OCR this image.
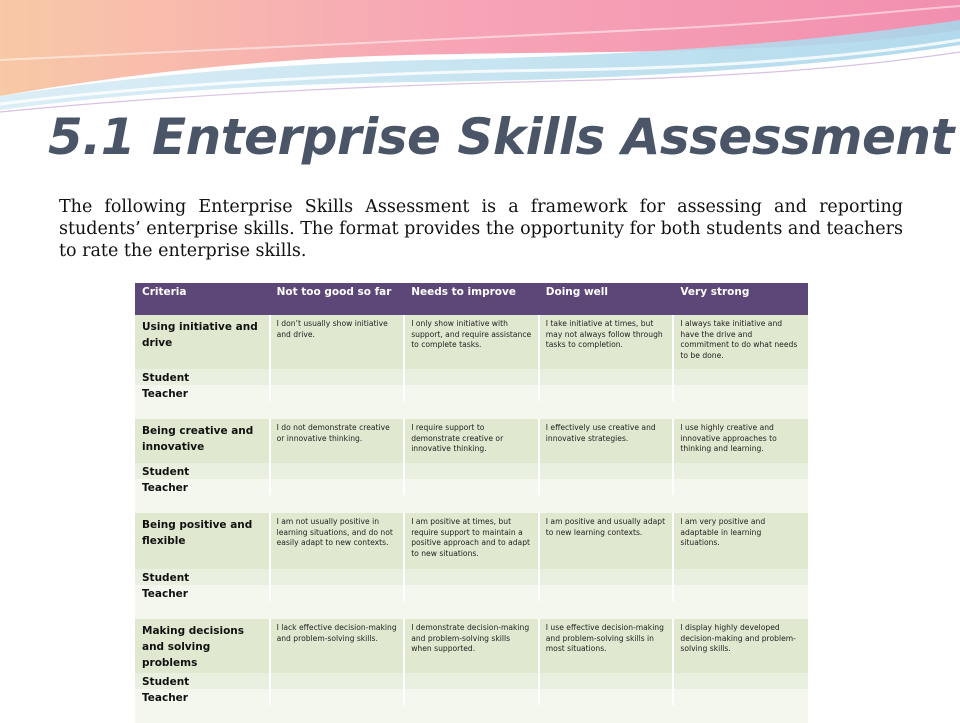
5.1 Enterprise Skills Assessment

The following Enterprise Skills Assessment is a framework for assessing and reporting students’ enterprise skills. The format provides the opportunity for both students and teachers to rate the enterprise skills.

Criteria	Not too good so far	Needs to improve	Doing well	Very strong
Using initiative and drive	I don’t usually show initiative and drive.	I only show initiative with support, and require assistance to complete tasks.	I take initiative at times, but may not always follow through tasks to completion.	I always take initiative and have the drive and commitment to do what needs to be done.
Student				
Teacher				

Being creative and innovative	I do not demonstrate creative or innovative thinking.	I require support to demonstrate creative or innovative thinking.	I effectively use creative and innovative strategies.	I use highly creative and innovative approaches to thinking and learning.
Student				
Teacher				

Being positive and flexible	I am not usually positive in learning situations, and do not easily adapt to new contexts.	I am positive at times, but require support to maintain a positive approach and to adapt to new situations.	I am positive and usually adapt to new learning contexts.	I am very positive and adaptable in learning situations.
Student				
Teacher				

Making decisions and solving problems	I lack effective decision-making and problem-solving skills.	I demonstrate decision-making and problem-solving skills when supported.	I use effective decision-making and problem-solving skills in most situations.	I display highly developed decision-making and problem-solving skills.
Student				
Teacher				
